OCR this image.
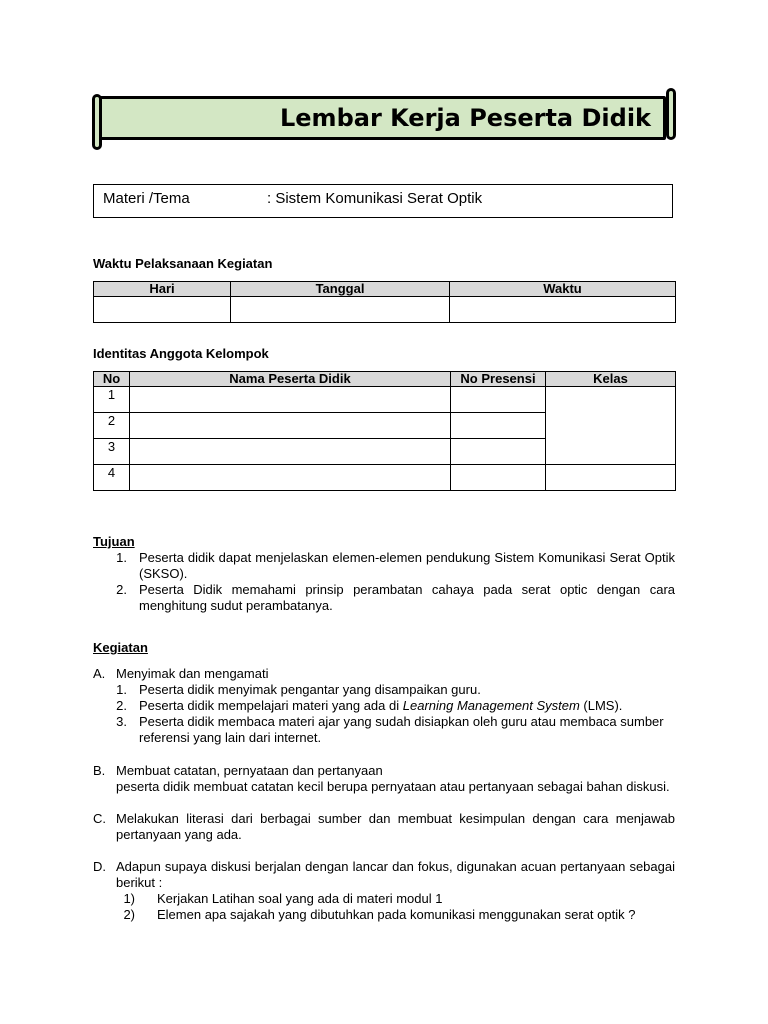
Lembar Kerja Peserta Didik
Materi /Tema	: Sistem Komunikasi Serat Optik
Waktu Pelaksanaan Kegiatan
Hari	Tanggal	Waktu

Identitas Anggota Kelompok
No	Nama Peserta Didik	No Presensi	Kelas
1			
2			
3			
4			
Tujuan
1. Peserta didik dapat menjelaskan elemen-elemen pendukung Sistem Komunikasi Serat Optik (SKSO).
2. Peserta Didik memahami prinsip perambatan cahaya pada serat optic dengan cara menghitung sudut perambatanya.
Kegiatan
A. Menyimak dan mengamati
1. Peserta didik menyimak pengantar yang disampaikan guru.
2. Peserta didik mempelajari materi yang ada di Learning Management System (LMS).
3. Peserta didik membaca materi ajar yang sudah disiapkan oleh guru atau membaca sumber referensi yang lain dari internet.
B. Membuat catatan, pernyataan dan pertanyaan
peserta didik membuat catatan kecil berupa pernyataan atau pertanyaan sebagai bahan diskusi.
C. Melakukan literasi dari berbagai sumber dan membuat kesimpulan dengan cara menjawab pertanyaan yang ada.
D. Adapun supaya diskusi berjalan dengan lancar dan fokus, digunakan acuan pertanyaan sebagai berikut :
1) Kerjakan Latihan soal yang ada di materi modul 1
2) Elemen apa sajakah yang dibutuhkan pada komunikasi menggunakan serat optik ?
